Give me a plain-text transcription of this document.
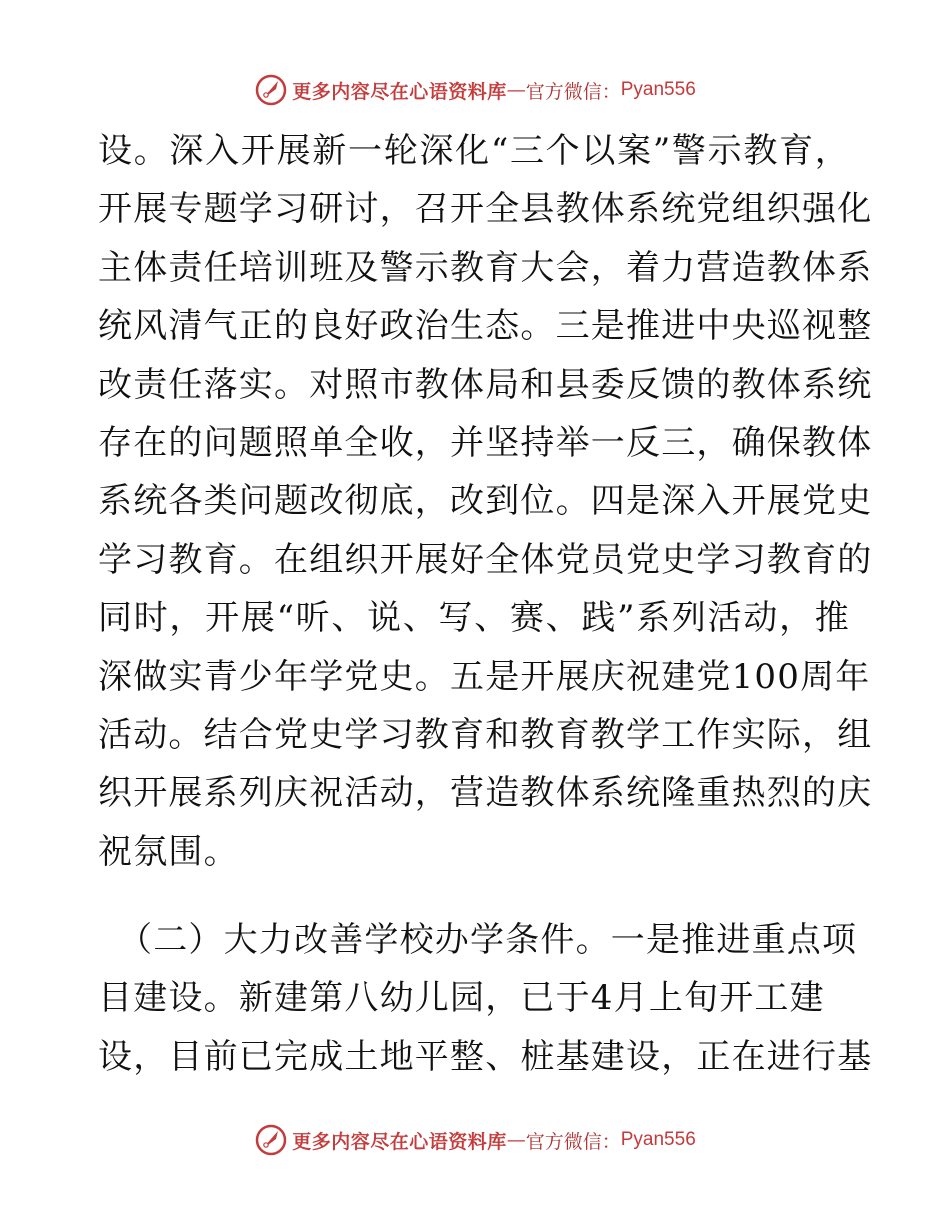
更多内容尽在心语资料库 — 官方微信： Pyan556
设。深入开展新一轮深化“三个以案”警示教育，
开展专题学习研讨，召开全县教体系统党组织强化
主体责任培训班及警示教育大会，着力营造教体系
统风清气正的良好政治生态。三是推进中央巡视整
改责任落实。对照市教体局和县委反馈的教体系统
存在的问题照单全收，并坚持举一反三，确保教体
系统各类问题改彻底，改到位。四是深入开展党史
学习教育。在组织开展好全体党员党史学习教育的
同时，开展“听、说、写、赛、践”系列活动，推
深做实青少年学党史。五是开展庆祝建党100周年
活动。结合党史学习教育和教育教学工作实际，组
织开展系列庆祝活动，营造教体系统隆重热烈的庆
祝氛围。
（二）大力改善学校办学条件。一是推进重点项
目建设。新建第八幼儿园，已于4月上旬开工建
设，目前已完成土地平整、桩基建设，正在进行基
更多内容尽在心语资料库 — 官方微信： Pyan556
